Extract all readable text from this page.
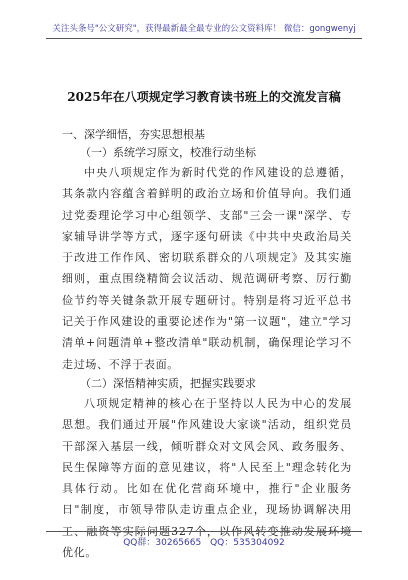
关注头条号"公文研究"，获得最新最全最专业的公文资料库！ 微信：gongwenyj
2025年在八项规定学习教育读书班上的交流发言稿
一、深学细悟，夯实思想根基
（一）系统学习原文，校准行动坐标

中央八项规定作为新时代党的作风建设的总遵循，其条款内容蕴含着鲜明的政治立场和价值导向。我们通过党委理论学习中心组领学、支部"三会一课"深学、专家辅导讲学等方式，逐字逐句研读《中共中央政治局关于改进工作作风、密切联系群众的八项规定》及其实施细则，重点围绕精简会议活动、规范调研考察、厉行勤俭节约等关键条款开展专题研讨。特别是将习近平总书记关于作风建设的重要论述作为"第一议题"，建立"学习清单+问题清单+整改清单"联动机制，确保理论学习不走过场、不浮于表面。

（二）深悟精神实质，把握实践要求

八项规定精神的核心在于坚持以人民为中心的发展思想。我们通过开展"作风建设大家谈"活动，组织党员干部深入基层一线，倾听群众对文风会风、政务服务、民生保障等方面的意见建议，将"人民至上"理念转化为具体行动。比如在优化营商环境中，推行"企业服务日"制度，市领导带队走访重点企业，现场协调解决用工、融资等实际问题327个，以作风转变推动发展环境优化。

QQ群：30265665 QQ：535304092
